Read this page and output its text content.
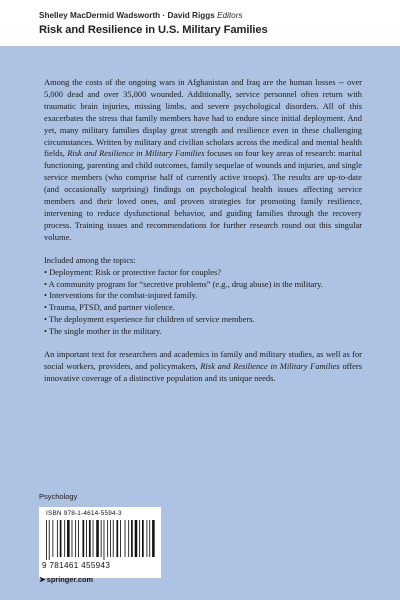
Shelley MacDermid Wadsworth · David Riggs Editors
Risk and Resilience in U.S. Military Families

Among the costs of the ongoing wars in Afghanistan and Iraq are the human losses -- over 5,000 dead and over 35,000 wounded. Additionally, service personnel often return with traumatic brain injuries, missing limbs, and severe psychological disorders. All of this exacerbates the stress that family members have had to endure since initial deployment. And yet, many military families display great strength and resilience even in these challenging circumstances. Written by military and civilian scholars across the medical and mental health fields, Risk and Resilience in Military Families focuses on four key areas of research: marital functioning, parenting and child outcomes, family sequelae of wounds and injuries, and single service members (who comprise half of currently active troops). The results are up-to-date (and occasionally surprising) findings on psychological health issues affecting service members and their loved ones, and proven strategies for promoting family resilience, intervening to reduce dysfunctional behavior, and guiding families through the recovery process. Training issues and recommendations for further research round out this singular volume.

Included among the topics:
• Deployment: Risk or protective factor for couples?
• A community program for “secretive problems” (e.g., drug abuse) in the military.
• Interventions for the combat-injured family.
• Trauma, PTSD, and partner violence.
• The deployment experience for children of service members.
• The single mother in the military.

An important text for researchers and academics in family and military studies, as well as for social workers, providers, and policymakers, Risk and Resilience in Military Families offers innovative coverage of a distinctive population and its unique needs.

Psychology
ISBN 978-1-4614-5594-3
9 781461 455943
➤springer.com
